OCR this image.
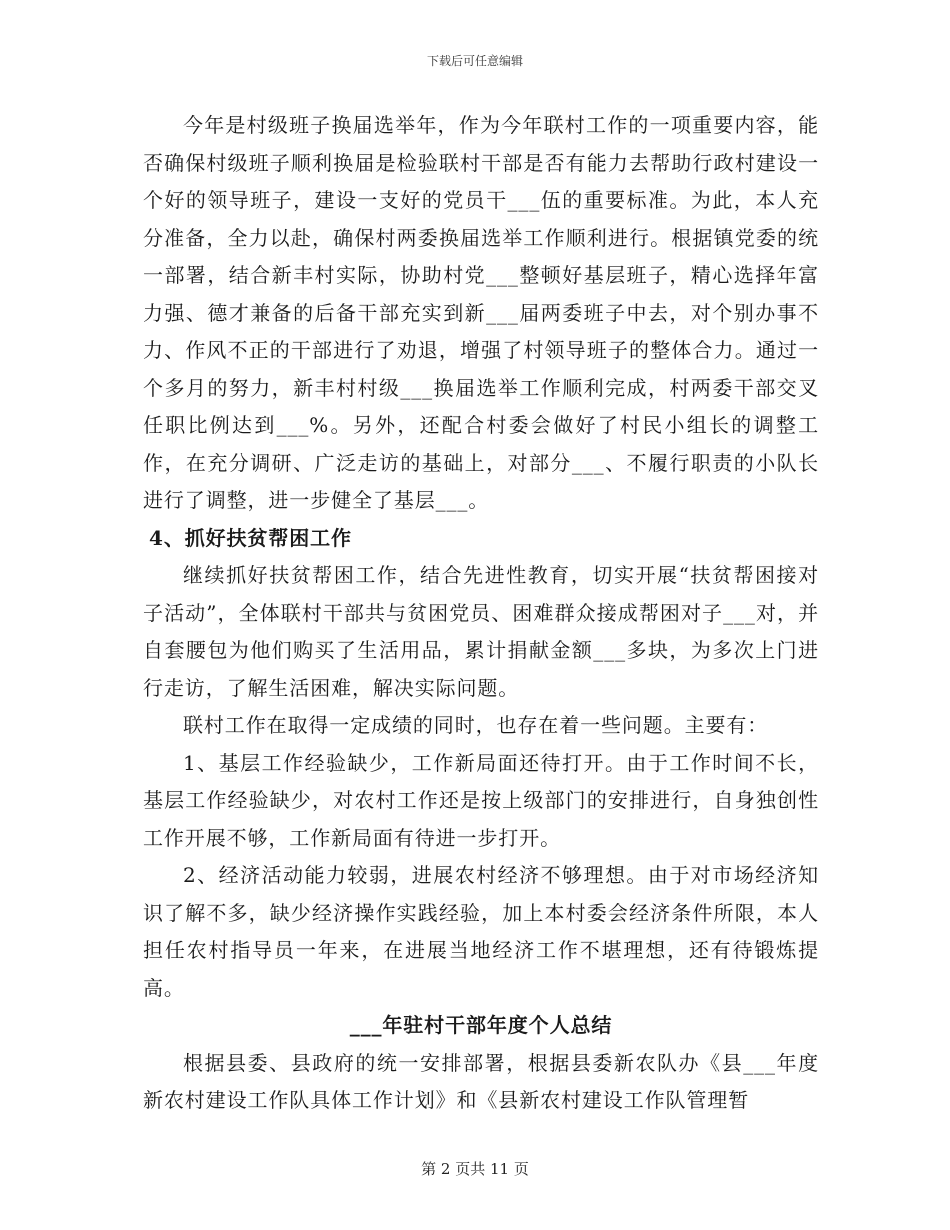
下载后可任意编辑

今年是村级班子换届选举年，作为今年联村工作的一项重要内容，能否确保村级班子顺利换届是检验联村干部是否有能力去帮助行政村建设一个好的领导班子，建设一支好的党员干___伍的重要标准。为此，本人充分准备，全力以赴，确保村两委换届选举工作顺利进行。根据镇党委的统一部署，结合新丰村实际，协助村党___整顿好基层班子，精心选择年富力强、德才兼备的后备干部充实到新___届两委班子中去，对个别办事不力、作风不正的干部进行了劝退，增强了村领导班子的整体合力。通过一个多月的努力，新丰村村级___换届选举工作顺利完成，村两委干部交叉任职比例达到___%。另外，还配合村委会做好了村民小组长的调整工作，在充分调研、广泛走访的基础上，对部分___、不履行职责的小队长进行了调整，进一步健全了基层___。

4、抓好扶贫帮困工作

继续抓好扶贫帮困工作，结合先进性教育，切实开展“扶贫帮困接对子活动”，全体联村干部共与贫困党员、困难群众接成帮困对子___对，并自套腰包为他们购买了生活用品，累计捐献金额___多块，为多次上门进行走访，了解生活困难，解决实际问题。

联村工作在取得一定成绩的同时，也存在着一些问题。主要有：

1、基层工作经验缺少，工作新局面还待打开。由于工作时间不长，基层工作经验缺少，对农村工作还是按上级部门的安排进行，自身独创性工作开展不够，工作新局面有待进一步打开。

2、经济活动能力较弱，进展农村经济不够理想。由于对市场经济知识了解不多，缺少经济操作实践经验，加上本村委会经济条件所限，本人担任农村指导员一年来，在进展当地经济工作不堪理想，还有待锻炼提高。

___年驻村干部年度个人总结

根据县委、县政府的统一安排部署，根据县委新农队办《县___年度新农村建设工作队具体工作计划》和《县新农村建设工作队管理暂

第 2 页共 11 页
